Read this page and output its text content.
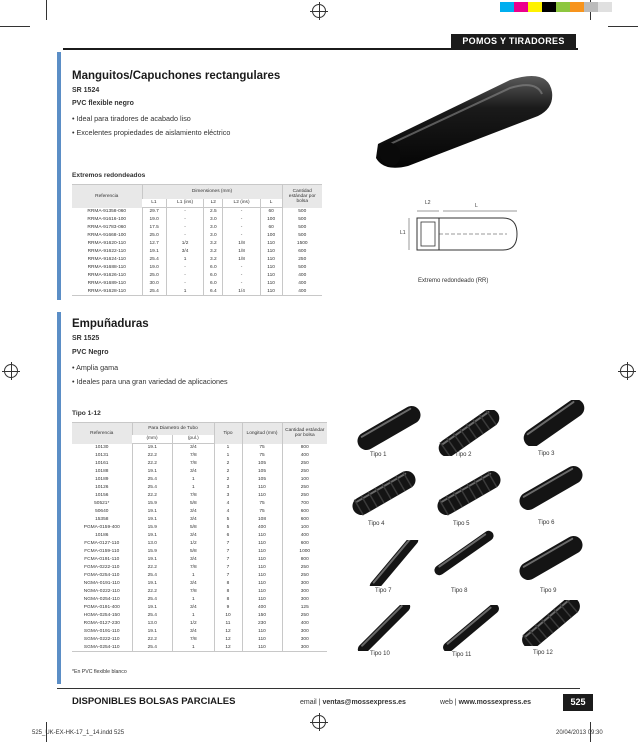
POMOS Y TIRADORES
Manguitos/Capuchones rectangulares
SR 1524
PVC flexible negro
• Ideal para tiradores de acabado liso
• Excelentes propiedades de aislamiento eléctrico
Extremos redondeados
Referencia	Dimensiones (mm)					Cantidad estándar por bolsa
	L1	L1 (ins)	L2	L2 (ins)	L	
RRMA-91358-060	29.7	-	2.5	-	60	500
RRMA-91616-100	19.0	-	3.0	-	100	500
RRMA-91783-060	17.5	-	3.0	-	60	500
RRMA-91668-100	25.0	-	3.0	-	100	500
RRMA-91620-110	12.7	1/2	3.2	1/8	110	1500
RRMA-91622-110	19.1	3/4	3.2	1/8	110	600
RRMA-91624-110	25.4	1	3.2	1/8	110	250
RRMA-91688-110	19.0	-	6.0	-	110	500
RRMA-91626-110	25.0	-	6.0	-	110	400
RRMA-91689-110	30.0	-	6.0	-	110	400
RRMA-91628-110	25.4	1	6.4	1/4	110	400
L2	L
L1
Extremo redondeado (RR)
Empuñaduras
SR 1525
PVC Negro
• Amplia gama
• Ideales para una gran variedad de aplicaciones
Tipo 1-12
Referencia	Para Diametro de Tubo		Tipo	Longitud (mm)	Cantidad estándar por bolsa
	(mm)	(pul.)			
10130	19.1	3/4	1	75	800
10131	22.2	7/8	1	75	400
10161	22.2	7/8	2	105	250
10188	19.1	3/4	2	105	250
10189	25.4	1	2	105	100
10126	25.4	1	3	110	250
10156	22.2	7/8	3	110	250
50521*	15.9	5/8	4	75	700
50640	19.1	3/4	4	75	600
15358	19.1	3/4	5	108	600
PGMA-0159-400	15.9	5/8	5	400	100
10186	19.1	3/4	6	110	400
FCMA-0127-110	13.0	1/2	7	110	600
FCMA-0159-110	15.9	5/8	7	110	1000
FCMA-0191-110	19.1	3/4	7	110	800
FGMA-0222-110	22.2	7/8	7	110	250
FGMA-0254-110	25.4	1	7	110	250
NGMA-0191-110	19.1	3/4	8	110	300
NGMA-0222-110	22.2	7/8	8	110	300
NGMA-0254-110	25.4	1	8	110	300
PGMA-0191-400	19.1	3/4	9	400	125
HGMA-0254-150	25.4	1	10	150	250
RGMA-0127-230	13.0	1/2	11	230	400
SGMA-0191-110	19.1	3/4	12	110	300
SGMA-0222-110	22.2	7/8	12	110	300
SGMA-0254-110	25.4	1	12	110	300
*En PVC flexible blanco
Tipo 1	Tipo 2	Tipo 3
Tipo 4	Tipo 5	Tipo 6
Tipo 7	Tipo 8	Tipo 9
Tipo 10	Tipo 11	Tipo 12
DISPONIBLES BOLSAS PARCIALES	email | ventas@mossexpress.es	web | www.mossexpress.es	525
525_UK-EX-HK-17_1_14.indd 525	20/04/2013 09:30
